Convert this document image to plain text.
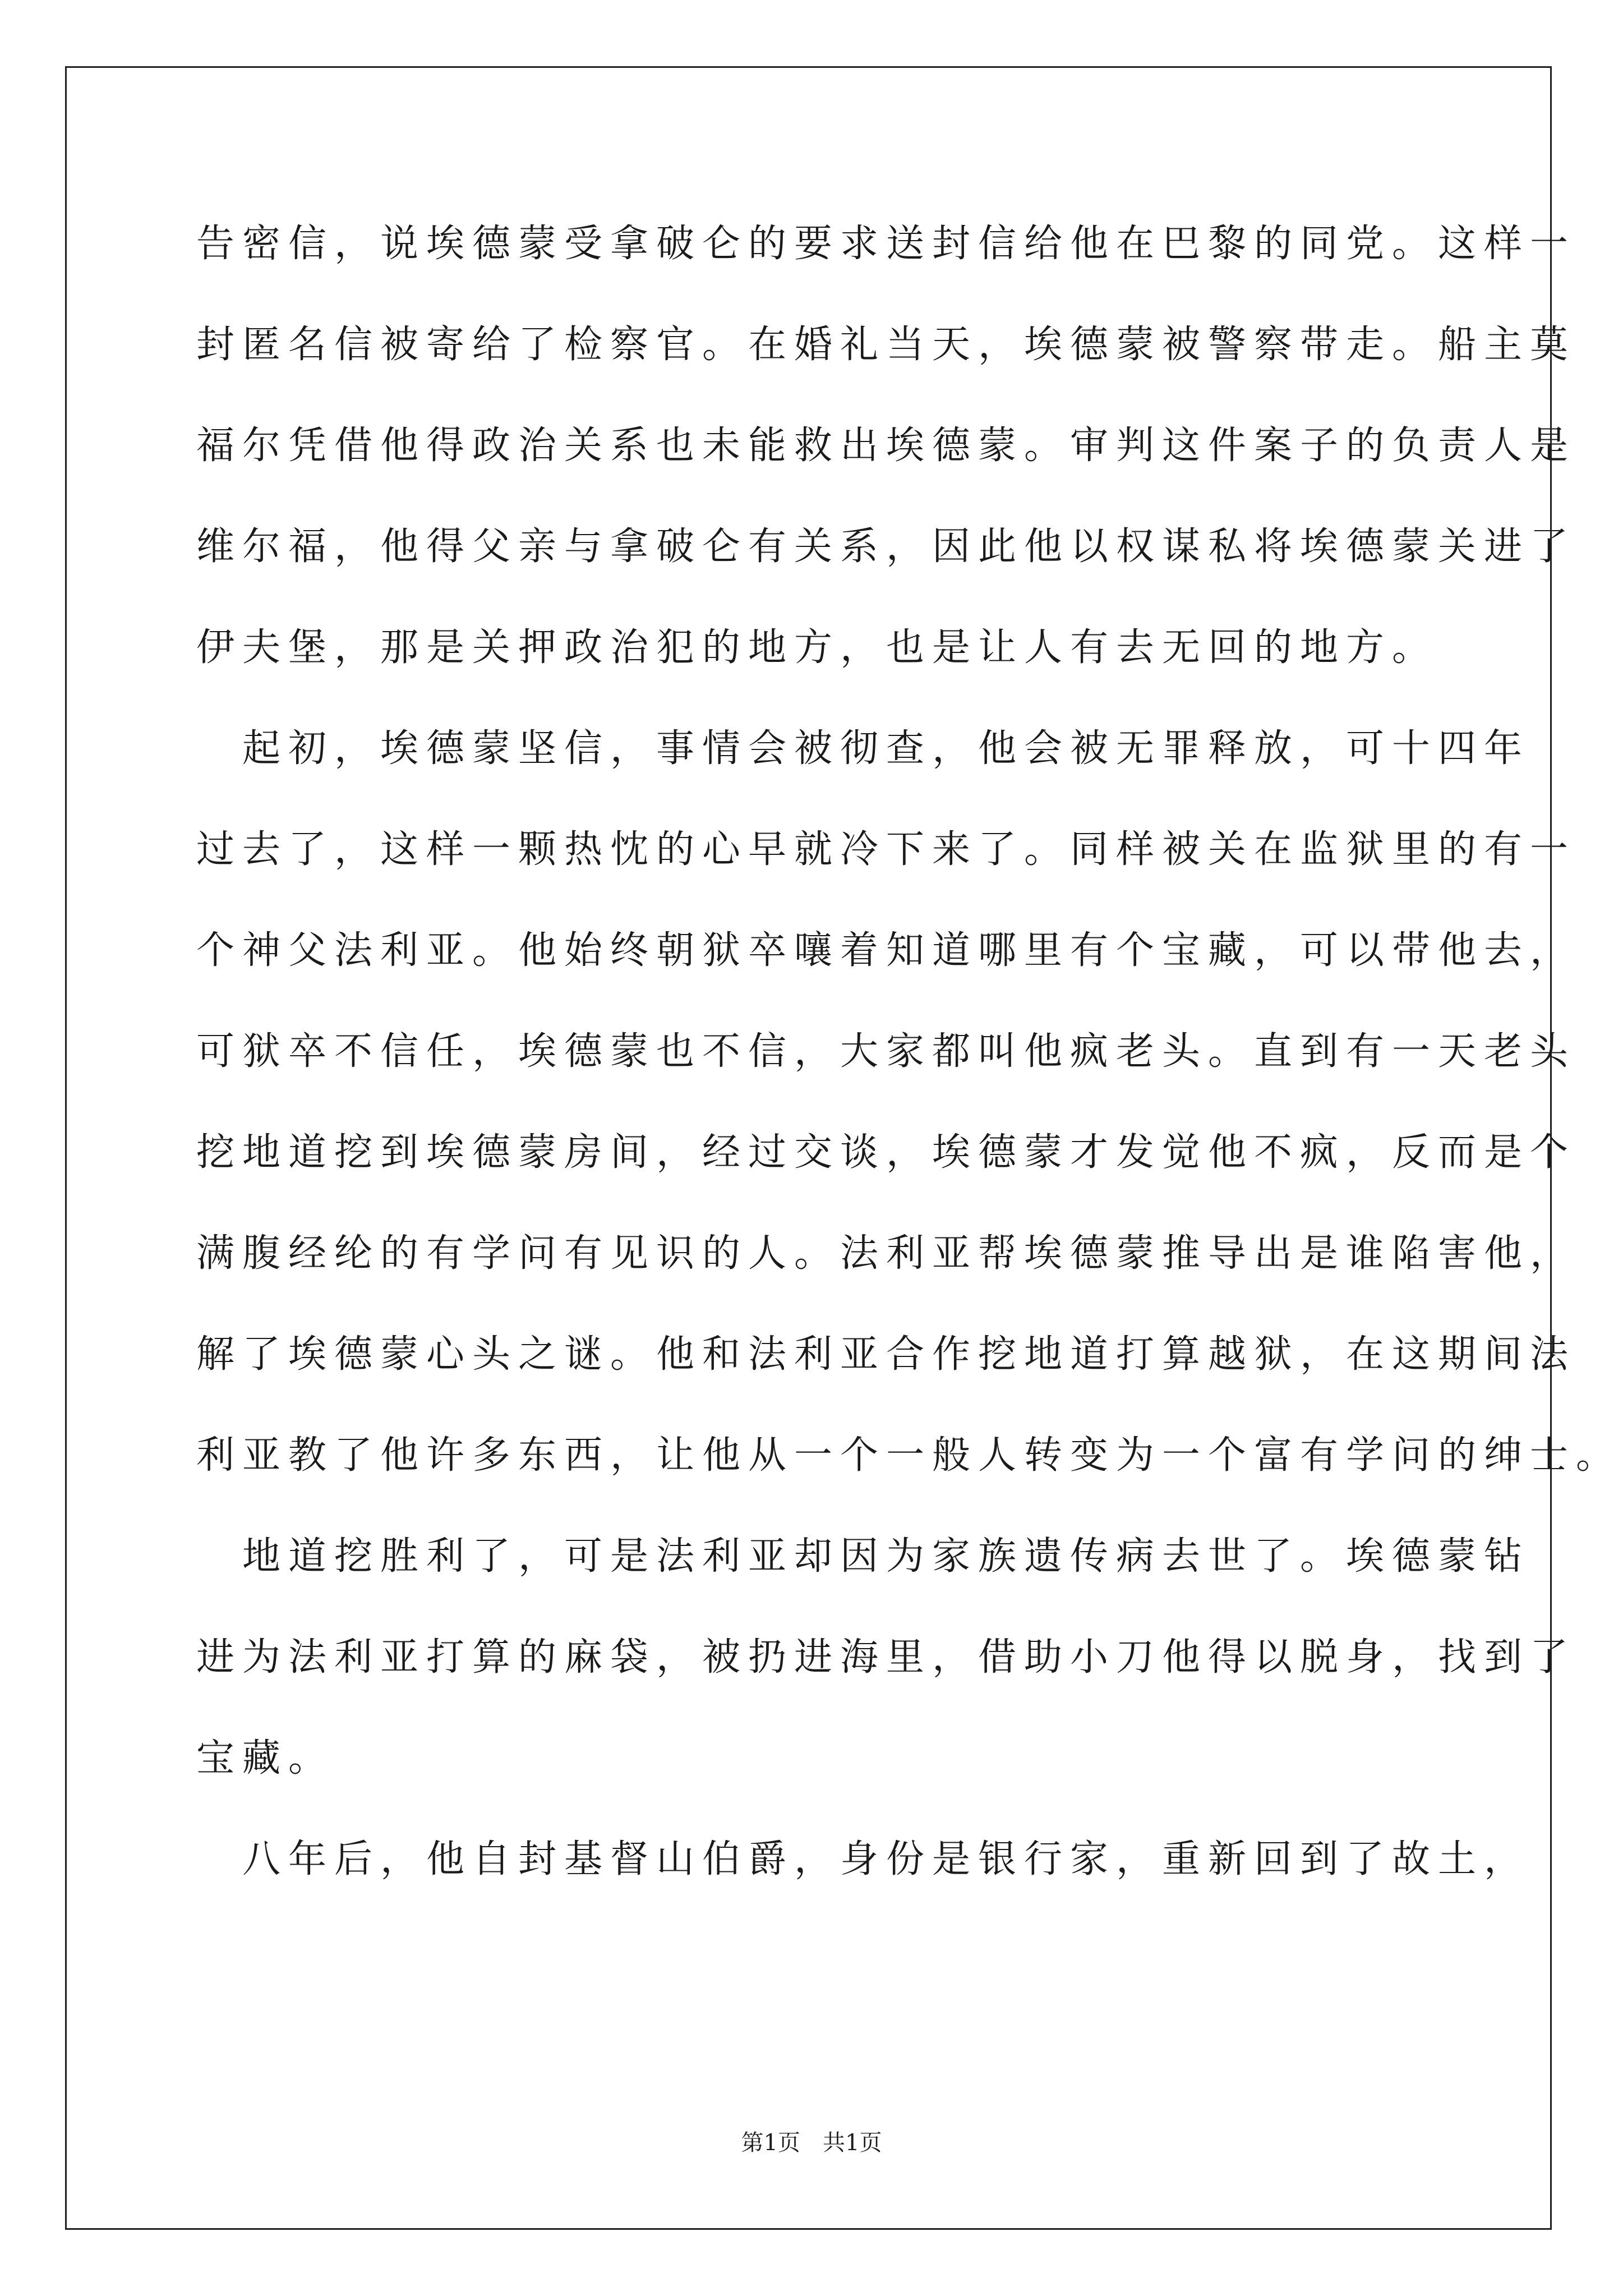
告密信，说埃德蒙受拿破仑的要求送封信给他在巴黎的同党。这样一
封匿名信被寄给了检察官。在婚礼当天，埃德蒙被警察带走。船主莫
福尔凭借他得政治关系也未能救出埃德蒙。审判这件案子的负责人是
维尔福，他得父亲与拿破仑有关系，因此他以权谋私将埃德蒙关进了
伊夫堡，那是关押政治犯的地方，也是让人有去无回的地方。
　起初，埃德蒙坚信，事情会被彻查，他会被无罪释放，可十四年
过去了，这样一颗热忱的心早就冷下来了。同样被关在监狱里的有一
个神父法利亚。他始终朝狱卒嚷着知道哪里有个宝藏，可以带他去，
可狱卒不信任，埃德蒙也不信，大家都叫他疯老头。直到有一天老头
挖地道挖到埃德蒙房间，经过交谈，埃德蒙才发觉他不疯，反而是个
满腹经纶的有学问有见识的人。法利亚帮埃德蒙推导出是谁陷害他，
解了埃德蒙心头之谜。他和法利亚合作挖地道打算越狱，在这期间法
利亚教了他许多东西，让他从一个一般人转变为一个富有学问的绅士。
　地道挖胜利了，可是法利亚却因为家族遗传病去世了。埃德蒙钻
进为法利亚打算的麻袋，被扔进海里，借助小刀他得以脱身，找到了
宝藏。
　八年后，他自封基督山伯爵，身份是银行家，重新回到了故土，
第1页　共1页
